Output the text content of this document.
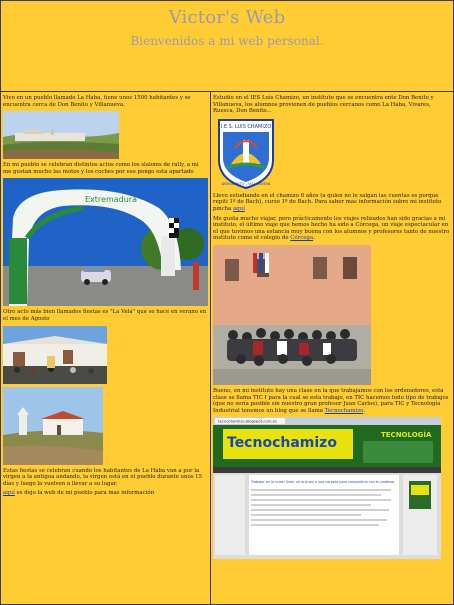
Victor's Web
Bienvenidos a mi web personal.

Vivo en un pueblo llamado La Haba, tiene unos 1500 habitantes y se encuentra cerca de Don Benito y Villanueva.

En mi pueblo se celebran distintos actos como los slaloms de rally, a mi me gustan mucho las motos y los coches por eso pongo esta apartado

Extremadura

Otro acto más bien llamados fiestas es "La Velá" que se hace en verano en el mes de Agosto

Estas fiestas se celebran cuando los habitantes de La Haba van a por la virgen a la antigua andando, la virgen está en el pueblo durante unos 15 días y luego la vuelven a llevar a su lugar.

aquí es dejo la web de mi pueblo para mas información

Estudio en el IES Luis Chamizo, un instituto que se encuentra ente Don Benito y Villanueva, los alumnos provienen de pueblos cercanos como La Haba, Vivares, Ruesca, Don Benito...

I.E.S. LUIS CHAMIZO
DON BENITO - VILLANUEVA

Llevo estudiando en el chamizo 6 años (a quien no le salgan las cuentas es porque repiti 1º de Bach), curso 1º de Bach. Para saber mas información sobre mi instituto pincha aquí

Me gusta mucho viajar, pero prácticamente los viajes relizados han sido gracias a mi instituto, el último viaje que hemos hecho ha sido a Córcega, un viaje espectacular en el que tuvimos una estancia muy buena con los alumnos y profesores tanto de nuestro instituto como el colegio de Córcega.

Bueno, en mi instituto hay una clase en la que trabajamos con los ordenadores, esta clase se llama TIC I para la cual se esta trabajo, en TIC hacemos todo tipo de trabajos (que no sería posible sin nuestro gran profesor Juan Carlos), para TIC y Tecnología Industrial tenemos un blog que se llama Tecnochamizo.

tecnochamizo.blogspot.com.es
Tecnochamizo	TECNOLOGÍA
Trabajar en la nube: Subir un archivo a una carpeta para compartirlo con tu profesor
